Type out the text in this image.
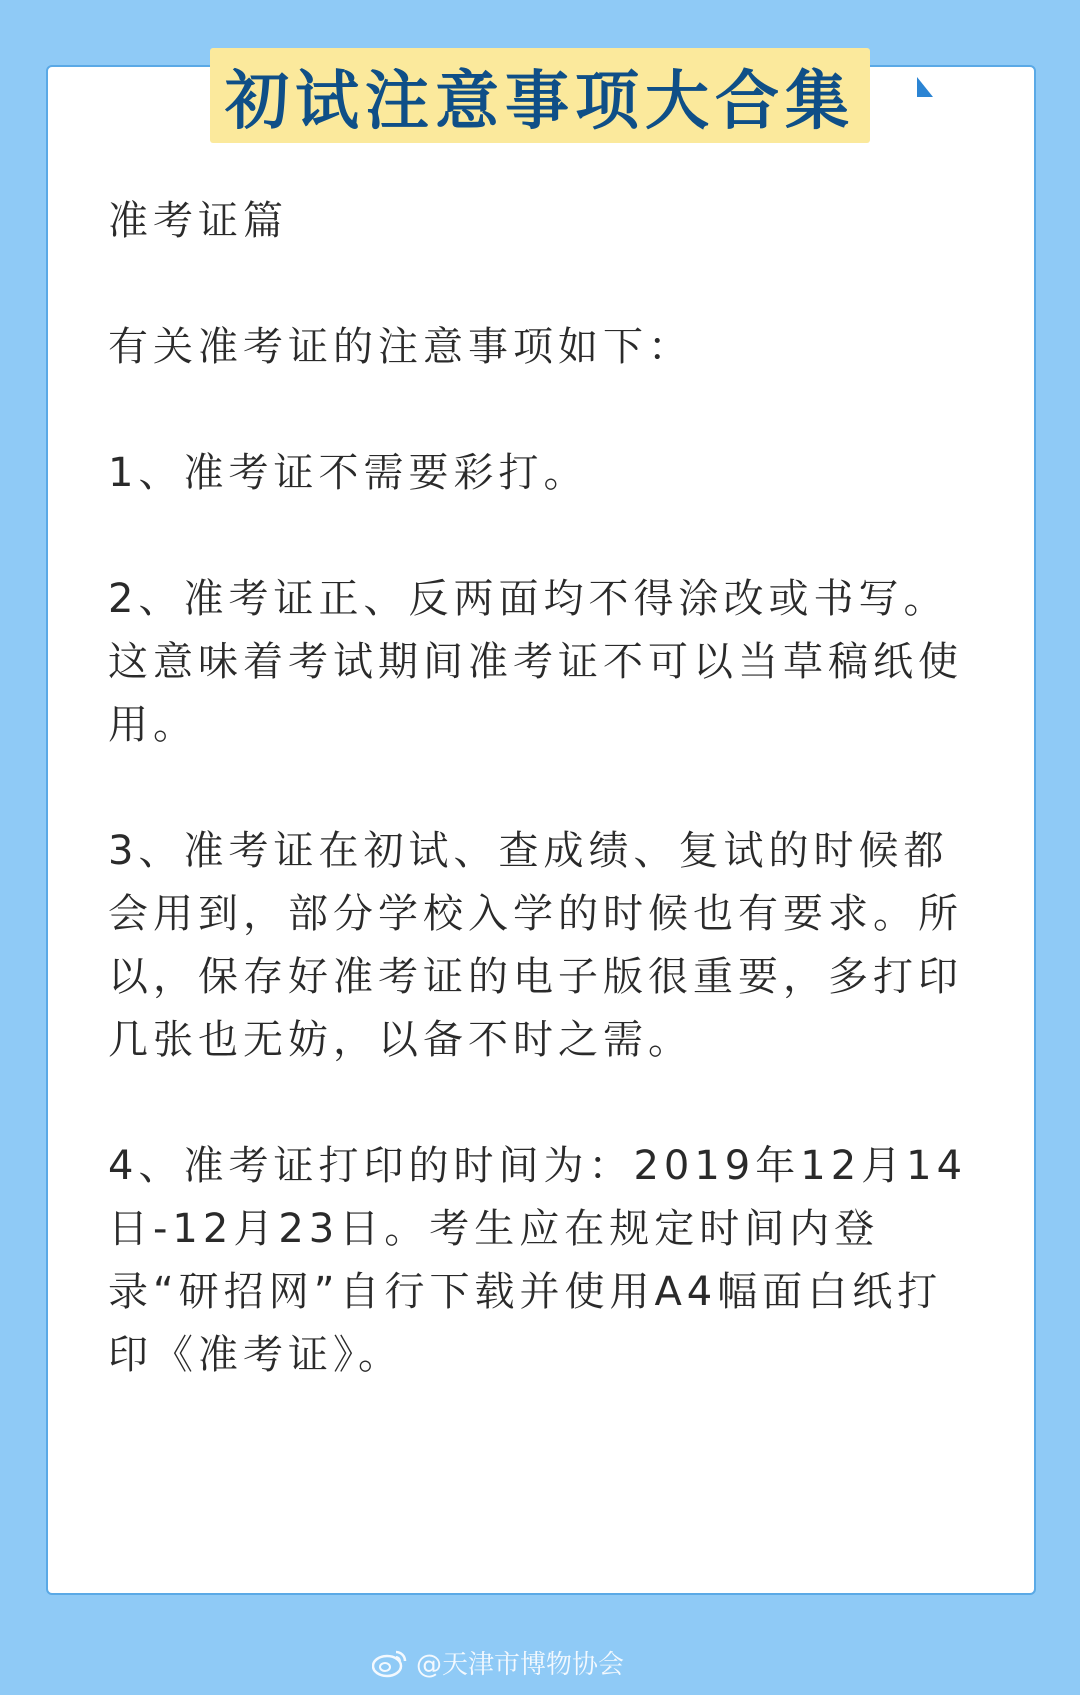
初试注意事项大合集

准考证篇

有关准考证的注意事项如下：

1、准考证不需要彩打。

2、准考证正、反两面均不得涂改或书写。这意味着考试期间准考证不可以当草稿纸使用。

3、准考证在初试、查成绩、复试的时候都会用到，部分学校入学的时候也有要求。所以，保存好准考证的电子版很重要，多打印几张也无妨，以备不时之需。

4、准考证打印的时间为：2019年12月14日-12月23日。考生应在规定时间内登录“研招网”自行下载并使用A4幅面白纸打印《准考证》。

@天津市博物协会
